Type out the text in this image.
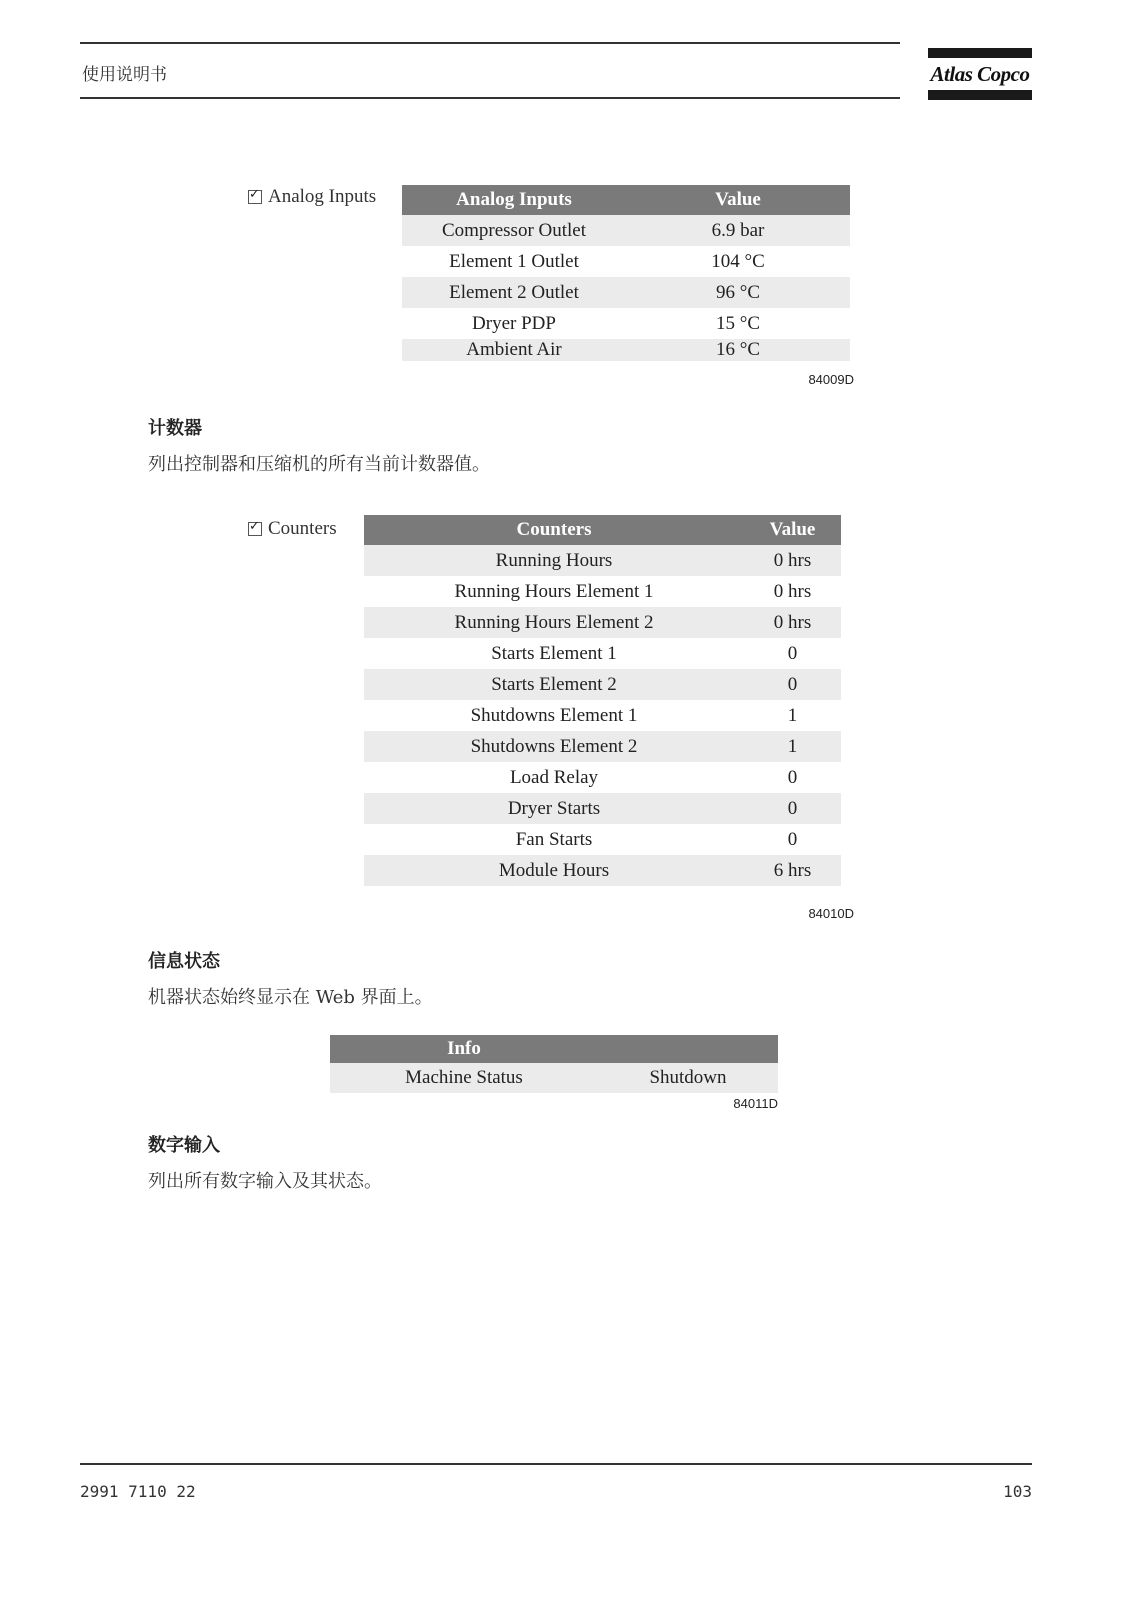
使用说明书	Atlas Copco
✓
Analog Inputs	Analog Inputs	Value
Compressor Outlet	6.9 bar
Element 1 Outlet	104 °C
Element 2 Outlet	96 °C
Dryer PDP	15 °C
Ambient Air	16 °C
84009D
计数器
列出控制器和压缩机的所有当前计数器值。
✓
Counters	Counters	Value
Running Hours	0 hrs
Running Hours Element 1	0 hrs
Running Hours Element 2	0 hrs
Starts Element 1	0
Starts Element 2	0
Shutdowns Element 1	1
Shutdowns Element 2	1
Load Relay	0
Dryer Starts	0
Fan Starts	0
Module Hours	6 hrs
84010D
信息状态
机器状态始终显示在 Web 界面上。
Info	
Machine Status	Shutdown
84011D
数字输入
列出所有数字输入及其状态。
2991 7110 22	103
